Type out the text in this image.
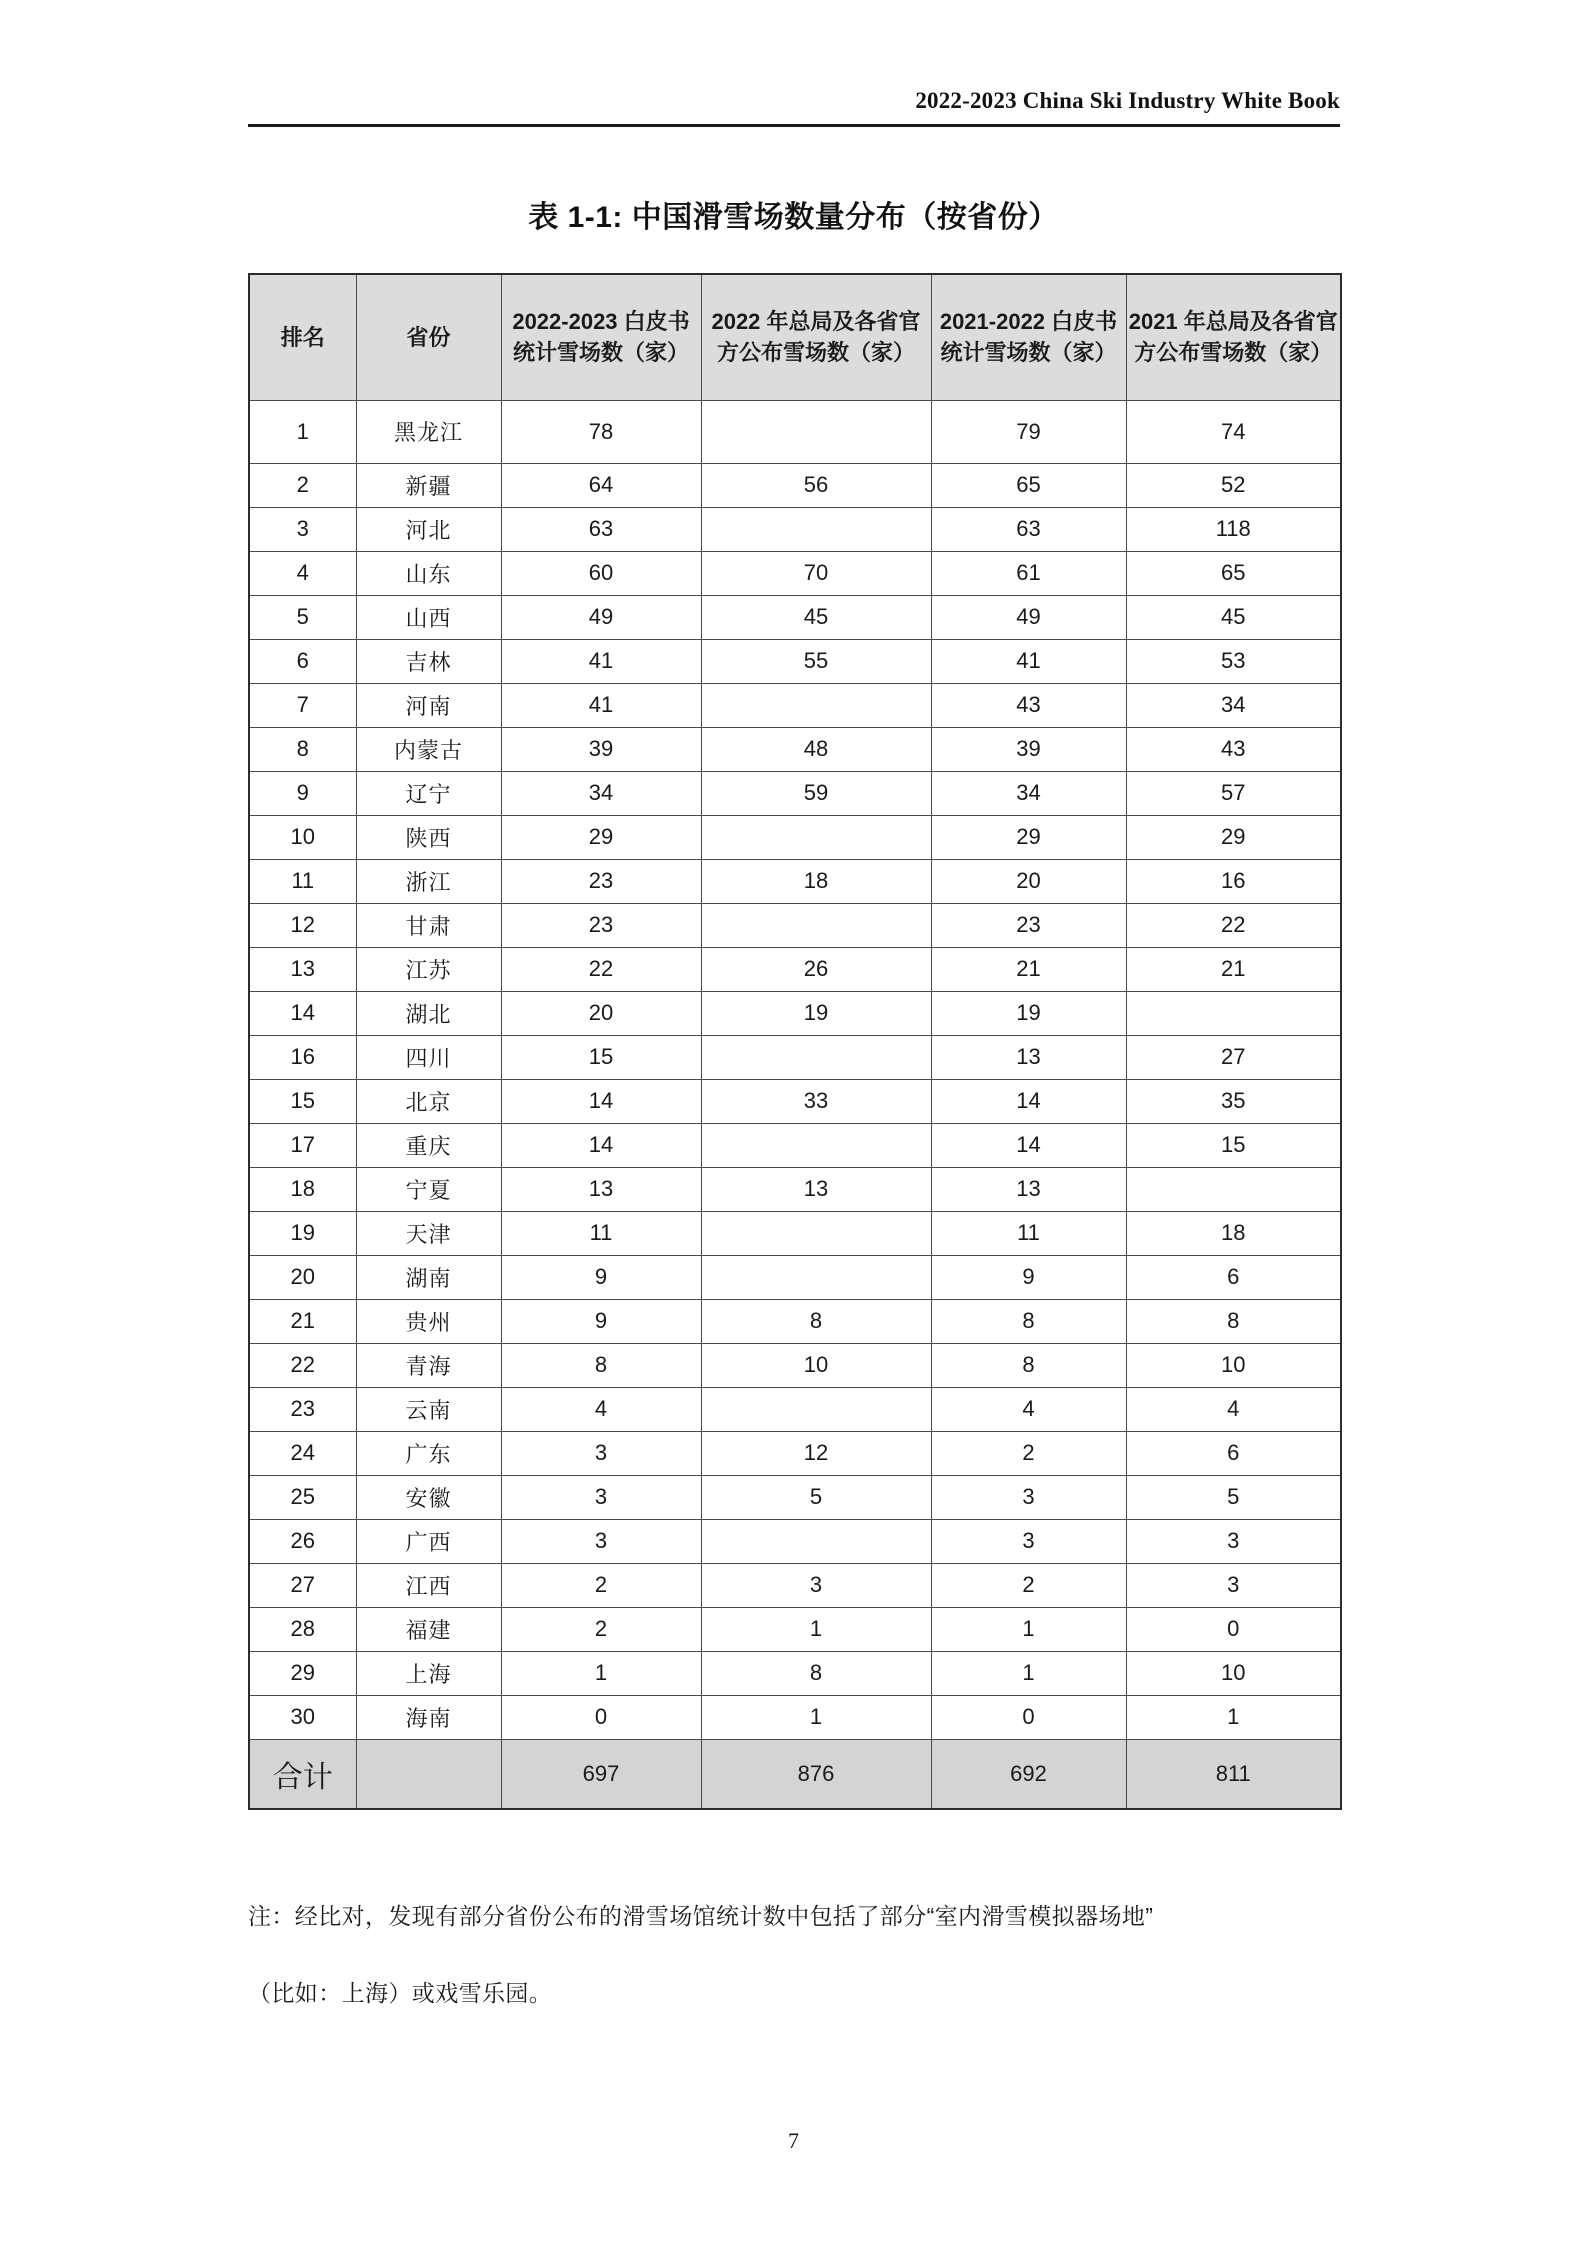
2022-2023 China Ski Industry White Book
表 1-1: 中国滑雪场数量分布（按省份）
排名	省份	2022-2023 白皮书统计雪场数（家）	2022 年总局及各省官方公布雪场数（家）	2021-2022 白皮书统计雪场数（家）	2021 年总局及各省官方公布雪场数（家）
1	黑龙江	78		79	74
2	新疆	64	56	65	52
3	河北	63		63	118
4	山东	60	70	61	65
5	山西	49	45	49	45
6	吉林	41	55	41	53
7	河南	41		43	34
8	内蒙古	39	48	39	43
9	辽宁	34	59	34	57
10	陕西	29		29	29
11	浙江	23	18	20	16
12	甘肃	23		23	22
13	江苏	22	26	21	21
14	湖北	20	19	19	
16	四川	15		13	27
15	北京	14	33	14	35
17	重庆	14		14	15
18	宁夏	13	13	13	
19	天津	11		11	18
20	湖南	9		9	6
21	贵州	9	8	8	8
22	青海	8	10	8	10
23	云南	4		4	4
24	广东	3	12	2	6
25	安徽	3	5	3	5
26	广西	3		3	3
27	江西	2	3	2	3
28	福建	2	1	1	0
29	上海	1	8	1	10
30	海南	0	1	0	1
合计		697	876	692	811
注：经比对，发现有部分省份公布的滑雪场馆统计数中包括了部分“室内滑雪模拟器场地”
（比如：上海）或戏雪乐园。
7
